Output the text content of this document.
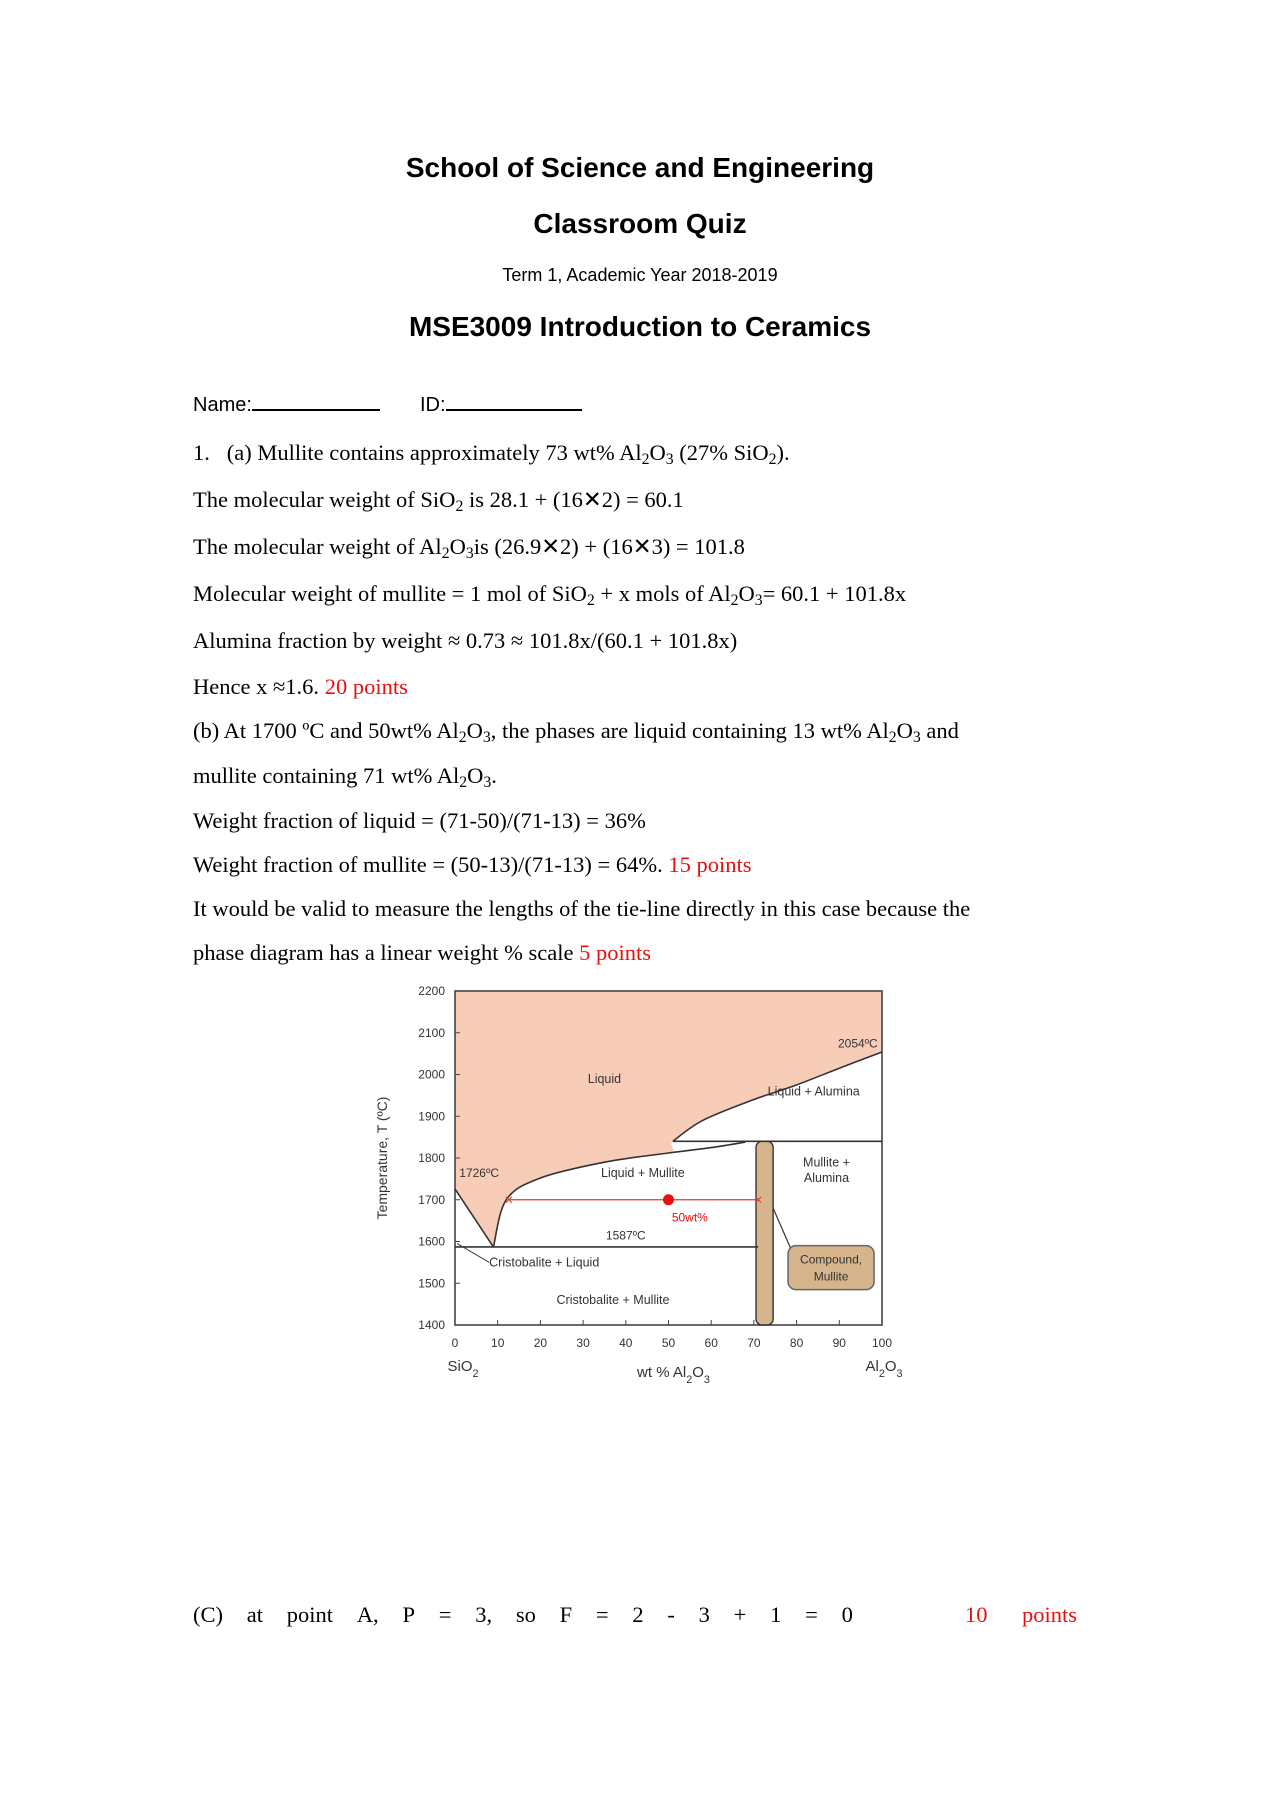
School of Science and Engineering
Classroom Quiz
Term 1, Academic Year 2018-2019
MSE3009 Introduction to Ceramics
Name:	ID:
1. (a) Mullite contains approximately 73 wt% $Al_2O_3$ (27% SiO$_2$).
The molecular weight of SiO$_2$ is 28.1 + (16✕2) = 60.1
The molecular weight of $Al_2O_3is$ (26.9✕2) + (16✕3) = 101.8
Molecular weight of mullite = 1 mol of SiO$_2$ + x mols of $Al_2O_3= 60.1 + 101.8x$
Alumina fraction by weight ≈ 0.73 ≈ 101.8x/(60.1 + 101.8x)
Hence x ≈1.6. 20 points
(b) At 1700 ºC and 50wt% $Al_2O_3$, the phases are liquid containing 13 wt% $Al_2O_3$ and
mullite containing 71 wt% $Al_2O_3$.
Weight fraction of liquid = (71-50)/(71-13) = 36%
Weight fraction of mullite = (50-13)/(71-13) = 64%. 15 points
It would be valid to measure the lengths of the tie-line directly in this case because the
phase diagram has a linear weight % scale 5 points
2200
2100
2000
1900
1800
1700
1600
1500
1400
0	10 20 30 40 50 60 70 80 90 100
Temperature, T (ºC)
wt % $Al_2O_3$
SiO$_2$	$Al_2O_3$
Liquid
Liquid + Alumina
Liquid + Mullite
Mullite +
Alumina
Cristobalite + Liquid
Cristobalite + Mullite
1726ºC
2054ºC
1587ºC
50wt%
Compound,
Mullite
(C) at point A, P = 3, so F = 2 - 3 + 1 = 0	10 points
